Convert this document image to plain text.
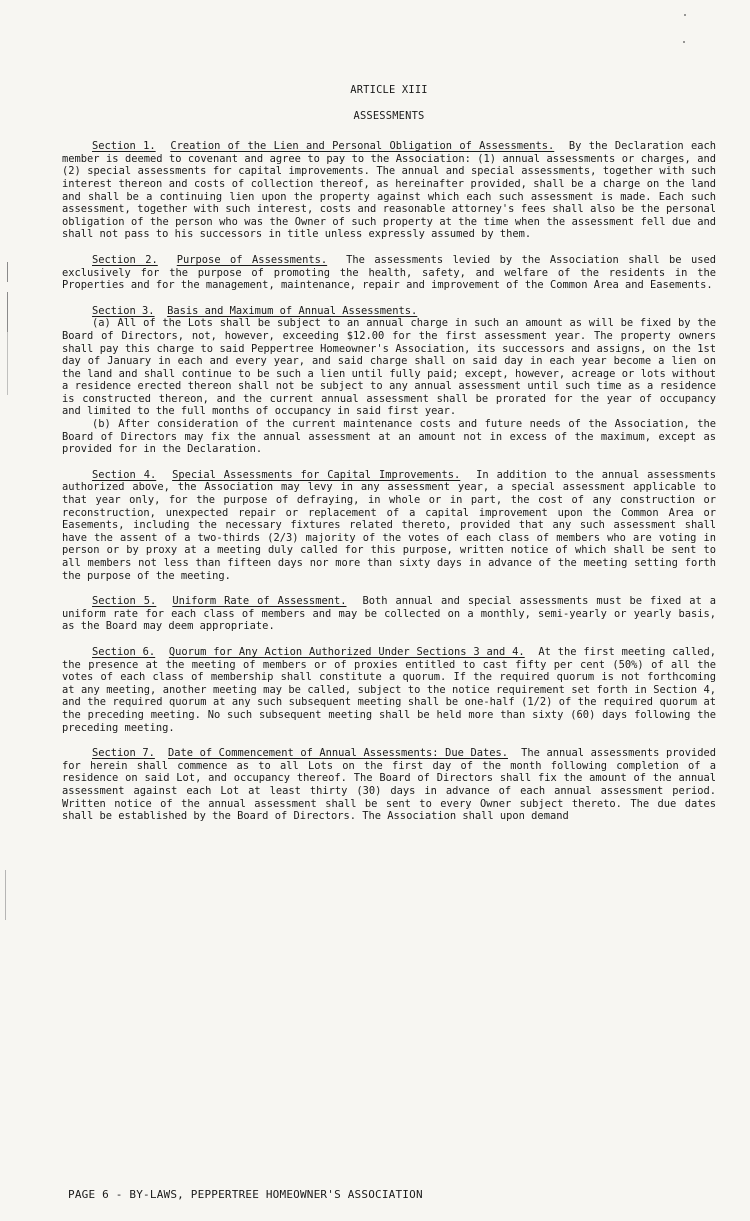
ARTICLE XIII
ASSESSMENTS

Section 1. Creation of the Lien and Personal Obligation of Assessments. By the Declaration each member is deemed to covenant and agree to pay to the Association: (1) annual assessments or charges, and (2) special assessments for capital improvements. The annual and special assessments, together with such interest thereon and costs of collection thereof, as hereinafter provided, shall be a charge on the land and shall be a continuing lien upon the property against which each such assessment is made. Each such assessment, together with such interest, costs and reasonable attorney's fees shall also be the personal obligation of the person who was the Owner of such property at the time when the assessment fell due and shall not pass to his successors in title unless expressly assumed by them.

Section 2. Purpose of Assessments. The assessments levied by the Association shall be used exclusively for the purpose of promoting the health, safety, and welfare of the residents in the Properties and for the management, maintenance, repair and improvement of the Common Area and Easements.

Section 3. Basis and Maximum of Annual Assessments.

(a) All of the Lots shall be subject to an annual charge in such an amount as will be fixed by the Board of Directors, not, however, exceeding $12.00 for the first assessment year. The property owners shall pay this charge to said Peppertree Homeowner's Association, its successors and assigns, on the 1st day of January in each and every year, and said charge shall on said day in each year become a lien on the land and shall continue to be such a lien until fully paid; except, however, acreage or lots without a residence erected thereon shall not be subject to any annual assessment until such time as a residence is constructed thereon, and the current annual assessment shall be prorated for the year of occupancy and limited to the full months of occupancy in said first year.

(b) After consideration of the current maintenance costs and future needs of the Association, the Board of Directors may fix the annual assessment at an amount not in excess of the maximum, except as provided for in the Declaration.

Section 4. Special Assessments for Capital Improvements. In addition to the annual assessments authorized above, the Association may levy in any assessment year, a special assessment applicable to that year only, for the purpose of defraying, in whole or in part, the cost of any construction or reconstruction, unexpected repair or replacement of a capital improvement upon the Common Area or Easements, including the necessary fixtures related thereto, provided that any such assessment shall have the assent of a two-thirds (2/3) majority of the votes of each class of members who are voting in person or by proxy at a meeting duly called for this purpose, written notice of which shall be sent to all members not less than fifteen days nor more than sixty days in advance of the meeting setting forth the purpose of the meeting.

Section 5. Uniform Rate of Assessment. Both annual and special assessments must be fixed at a uniform rate for each class of members and may be collected on a monthly, semi-yearly or yearly basis, as the Board may deem appropriate.

Section 6. Quorum for Any Action Authorized Under Sections 3 and 4. At the first meeting called, the presence at the meeting of members or of proxies entitled to cast fifty per cent (50%) of all the votes of each class of membership shall constitute a quorum. If the required quorum is not forthcoming at any meeting, another meeting may be called, subject to the notice requirement set forth in Section 4, and the required quorum at any such subsequent meeting shall be one-half (1/2) of the required quorum at the preceding meeting. No such subsequent meeting shall be held more than sixty (60) days following the preceding meeting.

Section 7. Date of Commencement of Annual Assessments: Due Dates. The annual assessments provided for herein shall commence as to all Lots on the first day of the month following completion of a residence on said Lot, and occupancy thereof. The Board of Directors shall fix the amount of the annual assessment against each Lot at least thirty (30) days in advance of each annual assessment period. Written notice of the annual assessment shall be sent to every Owner subject thereto. The due dates shall be established by the Board of Directors. The Association shall upon demand

PAGE 6 - BY-LAWS, PEPPERTREE HOMEOWNER'S ASSOCIATION
